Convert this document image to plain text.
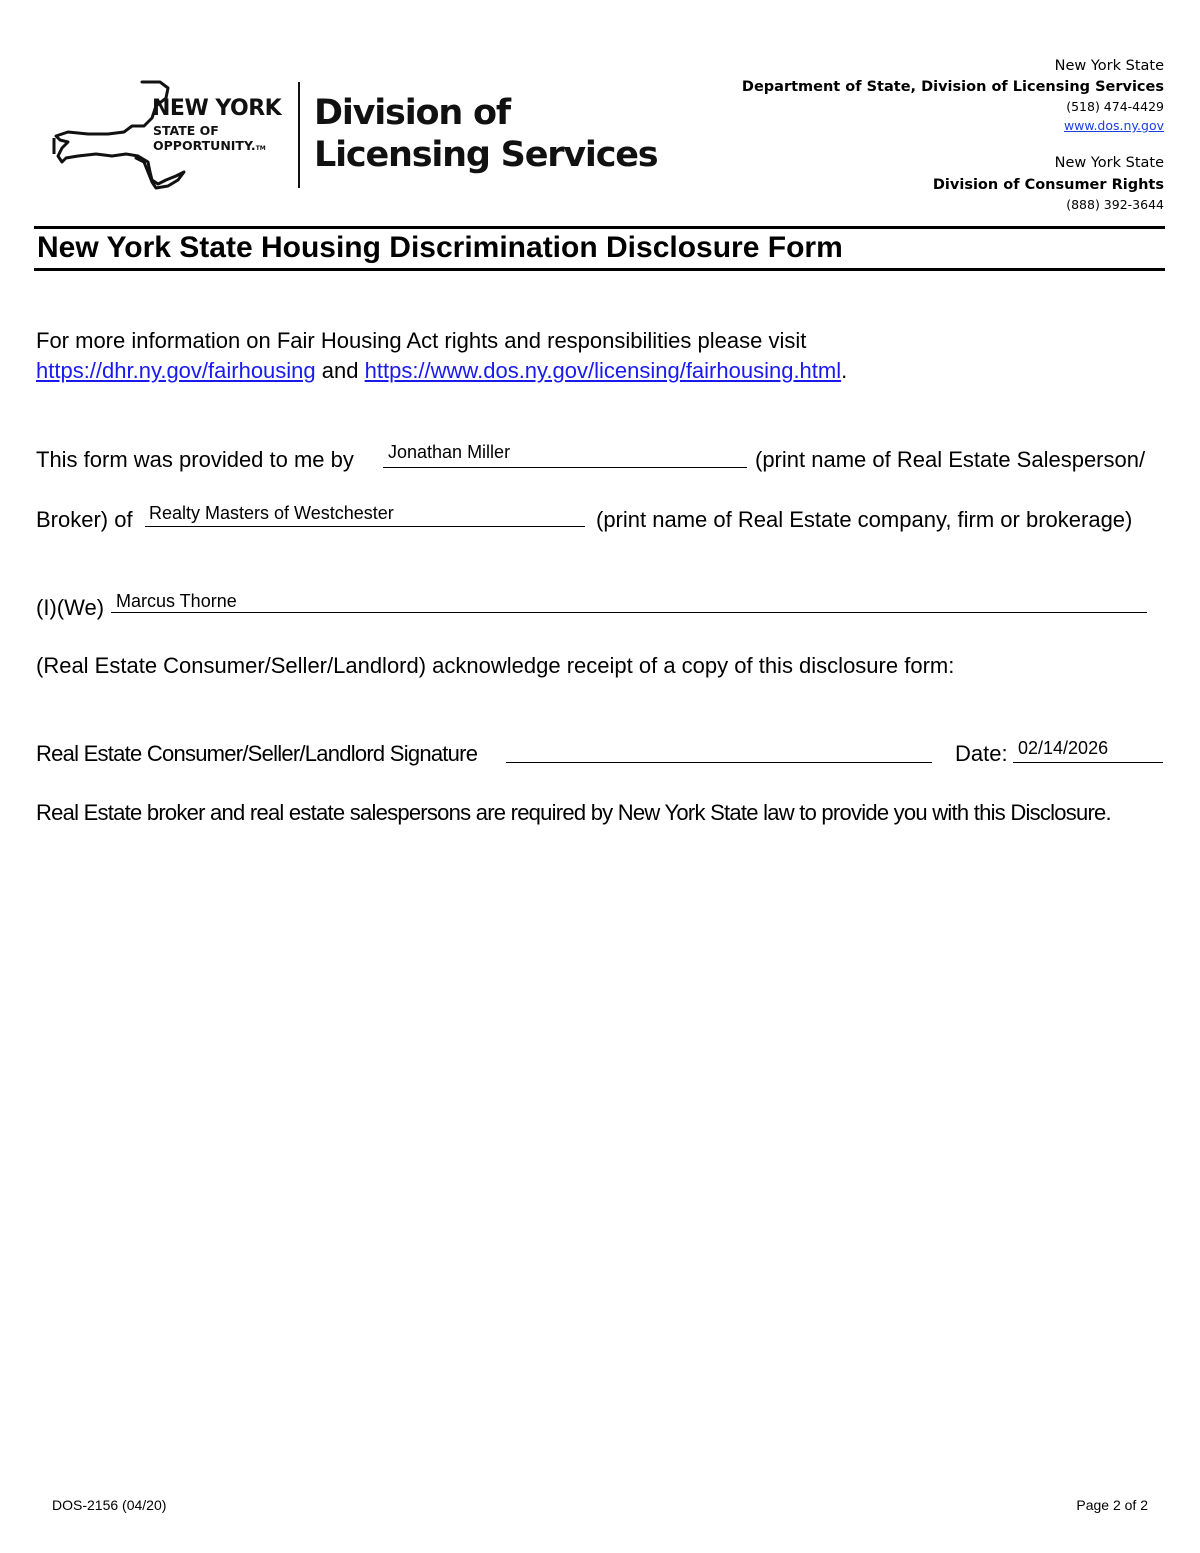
NEW YORK
STATE OF
OPPORTUNITY.TM
Division of
Licensing Services
New York State
Department of State, Division of Licensing Services
(518) 474-4429
www.dos.ny.gov
New York State
Division of Consumer Rights
(888) 392-3644
New York State Housing Discrimination Disclosure Form
For more information on Fair Housing Act rights and responsibilities please visit
https://dhr.ny.gov/fairhousing and https://www.dos.ny.gov/licensing/fairhousing.html.
This form was provided to me by Jonathan Miller	(print name of Real Estate Salesperson/
Broker) of Realty Masters of Westchester	(print name of Real Estate company, firm or brokerage)
(I)(We) Marcus Thorne
(Real Estate Consumer/Seller/Landlord) acknowledge receipt of a copy of this disclosure form:
Real Estate Consumer/Seller/Landlord Signature	Date: 02/14/2026
Real Estate broker and real estate salespersons are required by New York State law to provide you with this Disclosure.
DOS-2156 (04/20)	Page 2 of 2
